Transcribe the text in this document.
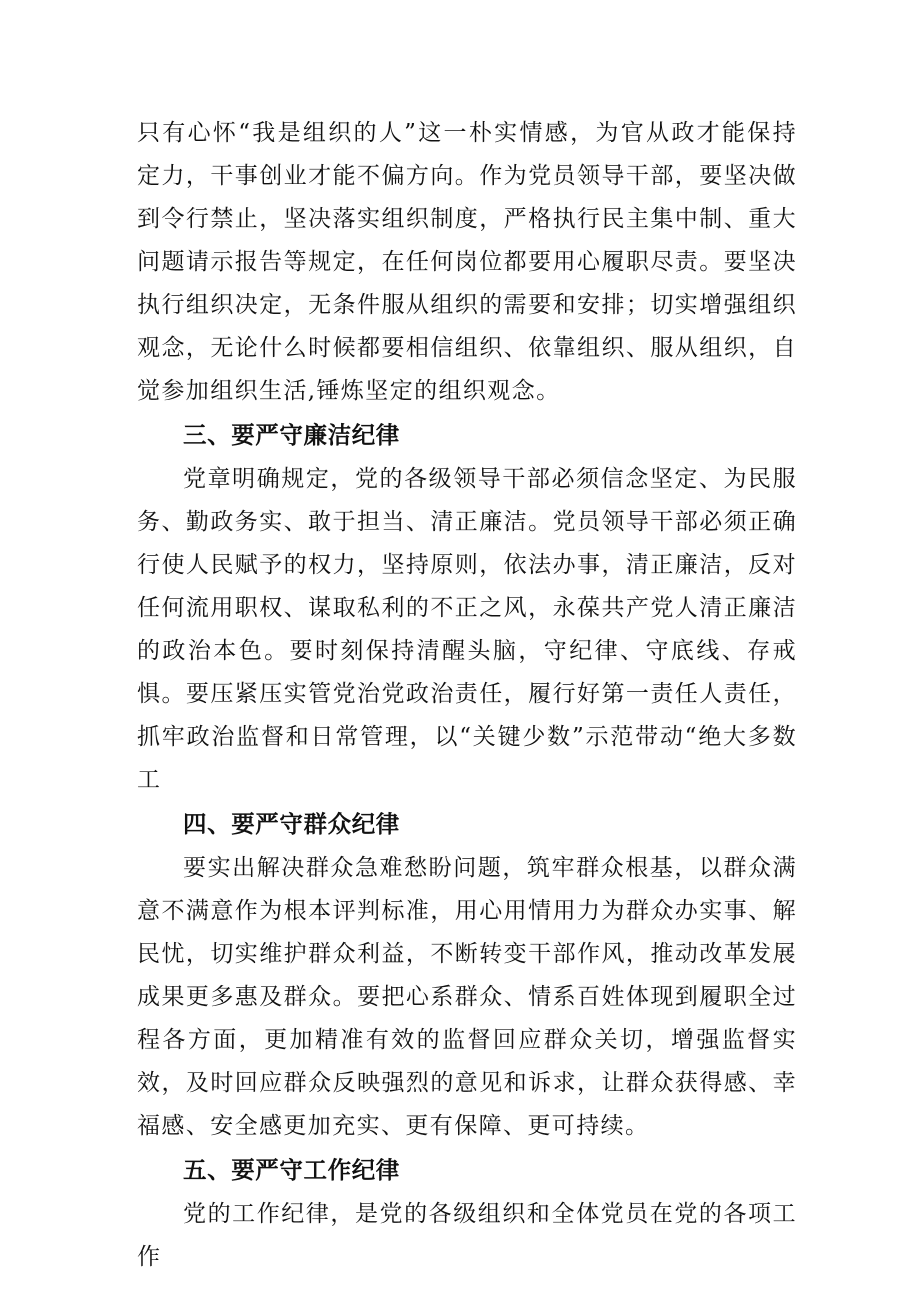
只有心怀“我是组织的人”这一朴实情感，为官从政才能保持定力，干事创业才能不偏方向。作为党员领导干部，要坚决做到令行禁止，坚决落实组织制度，严格执行民主集中制、重大问题请示报告等规定，在任何岗位都要用心履职尽责。要坚决执行组织决定，无条件服从组织的需要和安排；切实增强组织观念，无论什么时候都要相信组织、依靠组织、服从组织，自觉参加组织生活,锤炼坚定的组织观念。

三、要严守廉洁纪律

党章明确规定，党的各级领导干部必须信念坚定、为民服务、勤政务实、敢于担当、清正廉洁。党员领导干部必须正确行使人民赋予的权力，坚持原则，依法办事，清正廉洁，反对任何流用职权、谋取私利的不正之风，永葆共产党人清正廉洁的政治本色。要时刻保持清醒头脑，守纪律、守底线、存戒惧。要压紧压实管党治党政治责任，履行好第一责任人责任，抓牢政治监督和日常管理，以“关键少数”示范带动“绝大多数工

四、要严守群众纪律

要实出解决群众急难愁盼问题，筑牢群众根基，以群众满意不满意作为根本评判标准，用心用情用力为群众办实事、解民忧，切实维护群众利益，不断转变干部作风，推动改革发展成果更多惠及群众。要把心系群众、情系百姓体现到履职全过程各方面，更加精准有效的监督回应群众关切，增强监督实效，及时回应群众反映强烈的意见和诉求，让群众获得感、幸福感、安全感更加充实、更有保障、更可持续。

五、要严守工作纪律

党的工作纪律，是党的各级组织和全体党员在党的各项工作
